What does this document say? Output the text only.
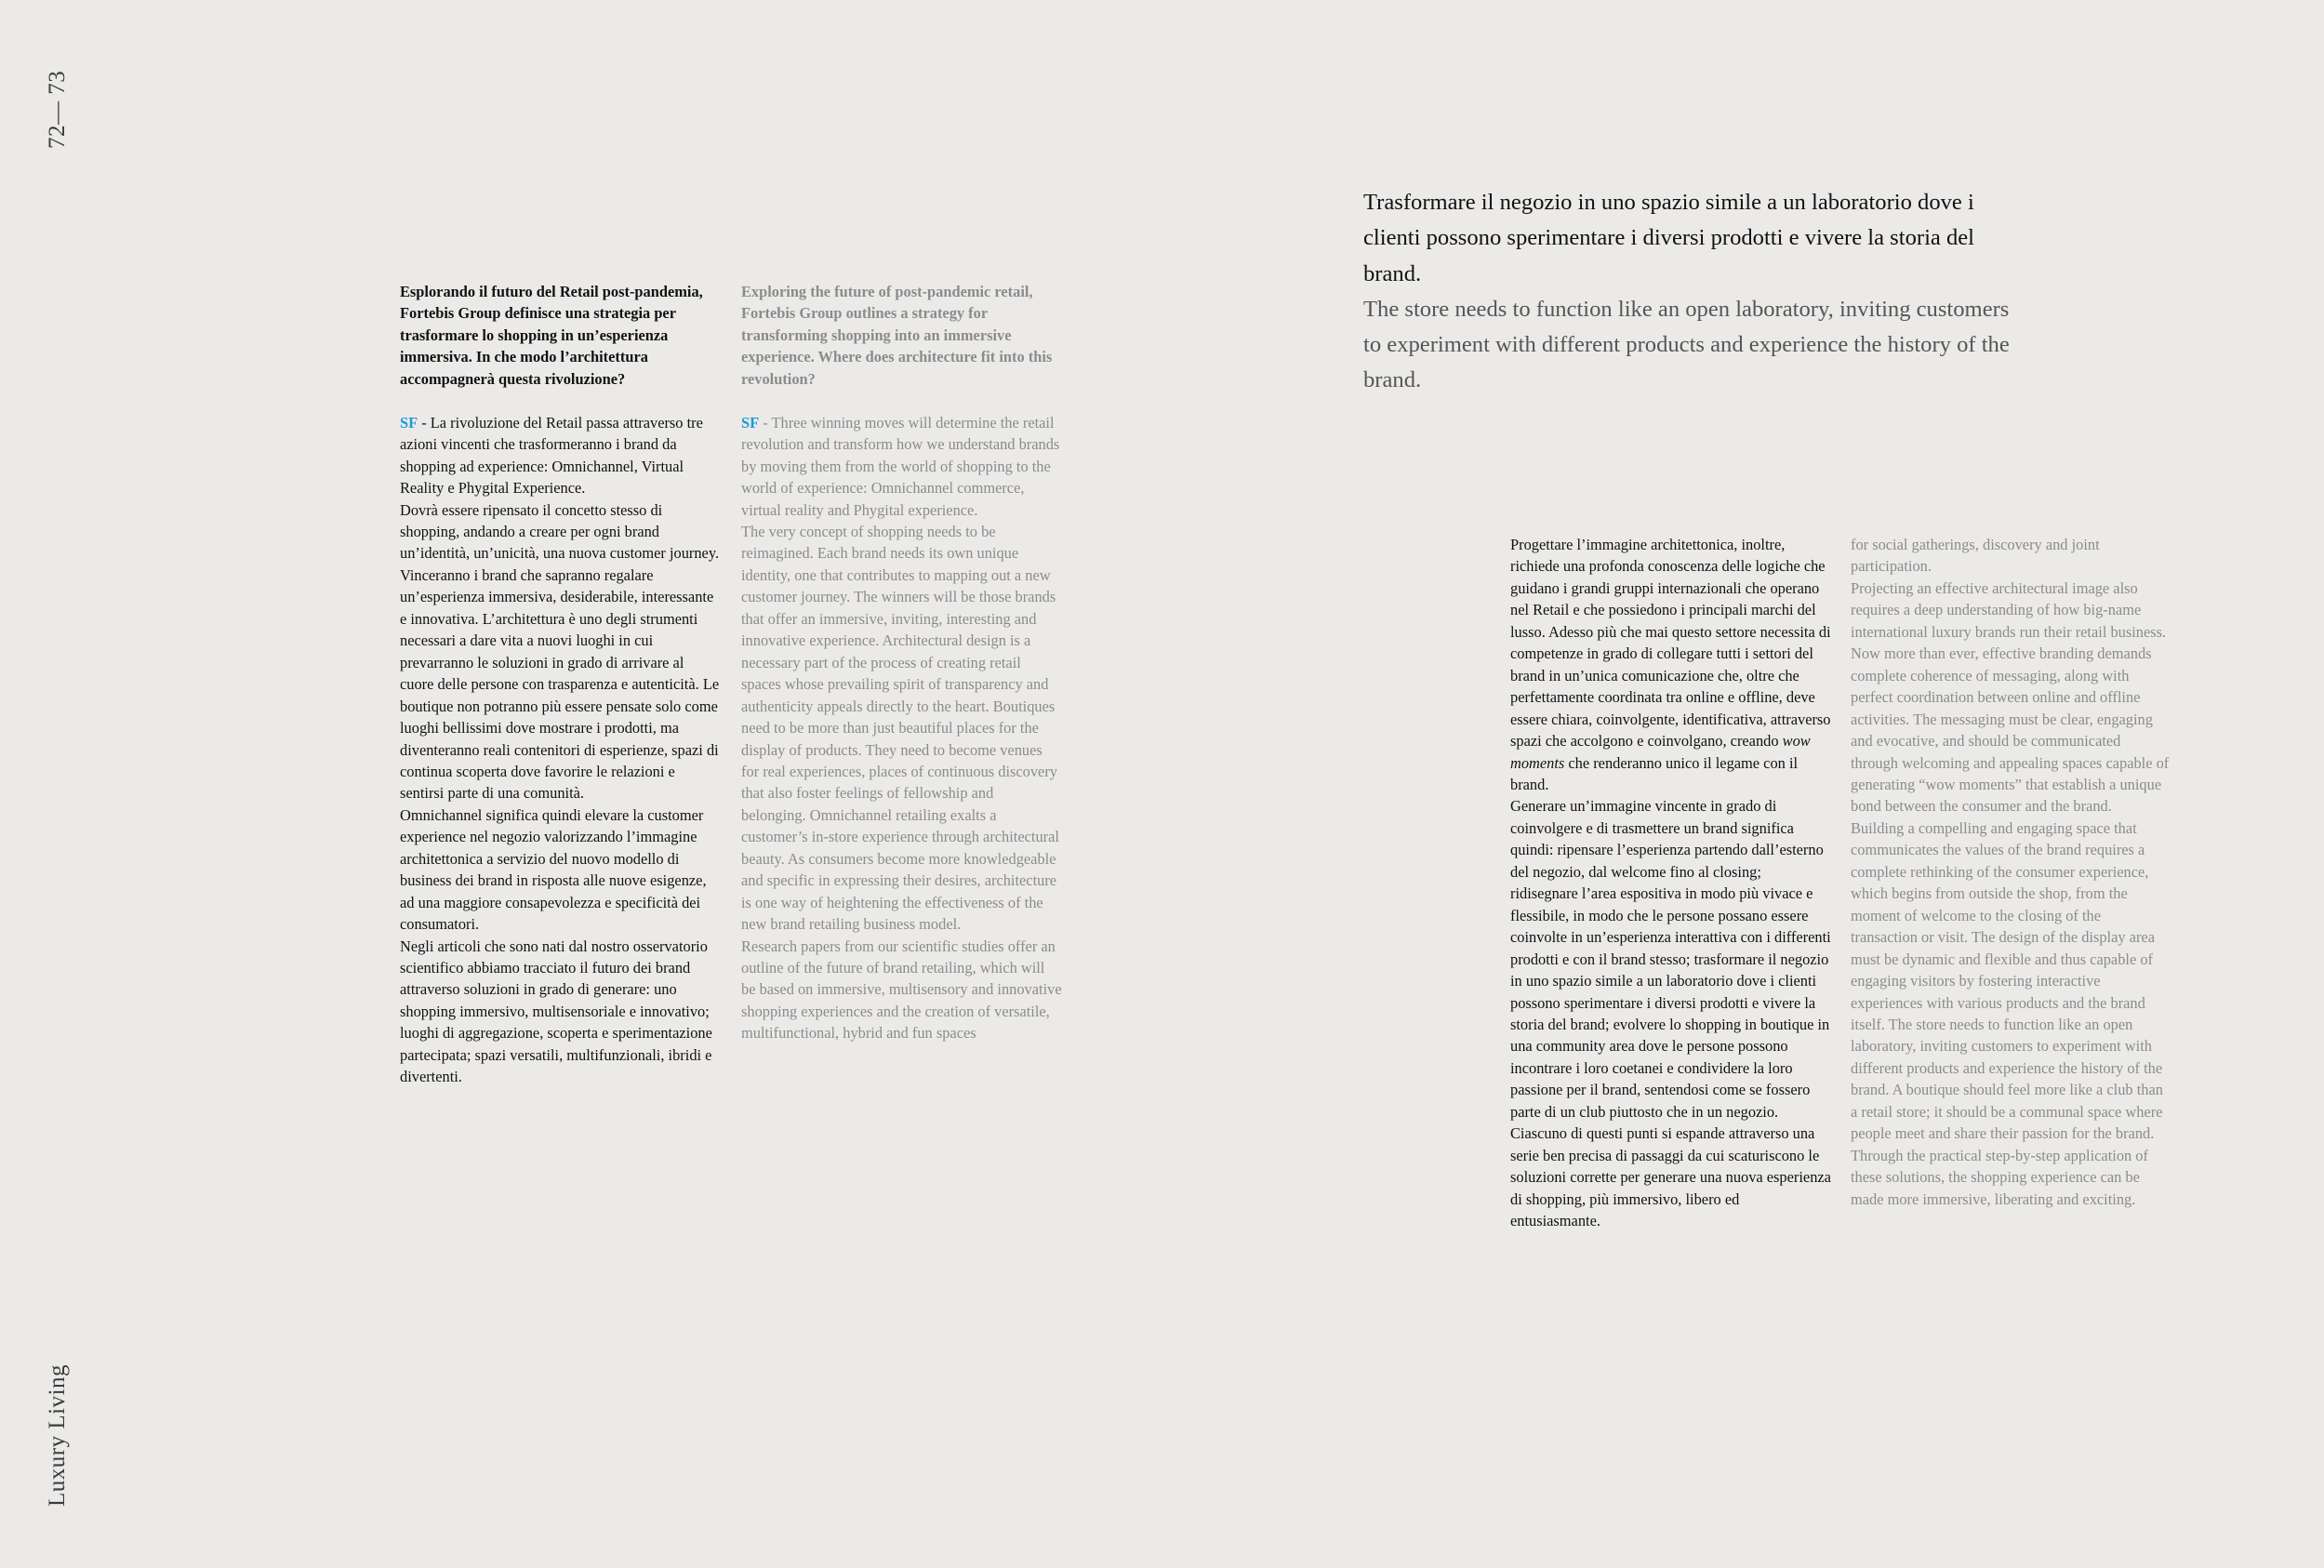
72— 73
Luxury Living

Trasformare il negozio in uno spazio simile a un laboratorio dove i clienti possono sperimentare i diversi prodotti e vivere la storia del brand.

The store needs to function like an open laboratory, inviting customers to experiment with different products and experience the history of the brand.

Esplorando il futuro del Retail post-pandemia, Fortebis Group definisce una strategia per trasformare lo shopping in un’esperienza immersiva. In che modo l’architettura accompagnerà questa rivoluzione?

SF - La rivoluzione del Retail passa attraverso tre azioni vincenti che trasformeranno i brand da shopping ad experience: Omnichannel, Virtual Reality e Phygital Experience.

Dovrà essere ripensato il concetto stesso di shopping, andando a creare per ogni brand un’identità, un’unicità, una nuova customer journey. Vinceranno i brand che sapranno regalare un’esperienza immersiva, desiderabile, interessante e innovativa. L’architettura è uno degli strumenti necessari a dare vita a nuovi luoghi in cui prevarranno le soluzioni in grado di arrivare al cuore delle persone con trasparenza e autenticità. Le boutique non potranno più essere pensate solo come luoghi bellissimi dove mostrare i prodotti, ma diventeranno reali contenitori di esperienze, spazi di continua scoperta dove favorire le relazioni e sentirsi parte di una comunità.

Omnichannel significa quindi elevare la customer experience nel negozio valorizzando l’immagine architettonica a servizio del nuovo modello di business dei brand in risposta alle nuove esigenze, ad una maggiore consapevolezza e specificità dei consumatori.

Negli articoli che sono nati dal nostro osservatorio scientifico abbiamo tracciato il futuro dei brand attraverso soluzioni in grado di generare: uno shopping immersivo, multisensoriale e innovativo; luoghi di aggregazione, scoperta e sperimentazione partecipata; spazi versatili, multifunzionali, ibridi e divertenti.

Exploring the future of post-pandemic retail, Fortebis Group outlines a strategy for transforming shopping into an immersive experience. Where does architecture fit into this revolution?

SF - Three winning moves will determine the retail revolution and transform how we understand brands by moving them from the world of shopping to the world of experience: Omnichannel commerce, virtual reality and Phygital experience.

The very concept of shopping needs to be reimagined. Each brand needs its own unique identity, one that contributes to mapping out a new customer journey. The winners will be those brands that offer an immersive, inviting, interesting and innovative experience. Architectural design is a necessary part of the process of creating retail spaces whose prevailing spirit of transparency and authenticity appeals directly to the heart. Boutiques need to be more than just beautiful places for the display of products. They need to become venues for real experiences, places of continuous discovery that also foster feelings of fellowship and belonging. Omnichannel retailing exalts a customer’s in-store experience through architectural beauty. As consumers become more knowledgeable and specific in expressing their desires, architecture is one way of heightening the effectiveness of the new brand retailing business model.

Research papers from our scientific studies offer an outline of the future of brand retailing, which will be based on immersive, multisensory and innovative shopping experiences and the creation of versatile, multifunctional, hybrid and fun spaces

Progettare l’immagine architettonica, inoltre, richiede una profonda conoscenza delle logiche che guidano i grandi gruppi internazionali che operano nel Retail e che possiedono i principali marchi del lusso. Adesso più che mai questo settore necessita di competenze in grado di collegare tutti i settori del brand in un’unica comunicazione che, oltre che perfettamente coordinata tra online e offline, deve essere chiara, coinvolgente, identificativa, attraverso spazi che accolgono e coinvolgano, creando wow moments che renderanno unico il legame con il brand.

Generare un’immagine vincente in grado di coinvolgere e di trasmettere un brand significa quindi: ripensare l’esperienza partendo dall’esterno del negozio, dal welcome fino al closing; ridisegnare l’area espositiva in modo più vivace e flessibile, in modo che le persone possano essere coinvolte in un’esperienza interattiva con i differenti prodotti e con il brand stesso; trasformare il negozio in uno spazio simile a un laboratorio dove i clienti possono sperimentare i diversi prodotti e vivere la storia del brand; evolvere lo shopping in boutique in una community area dove le persone possono incontrare i loro coetanei e condividere la loro passione per il brand, sentendosi come se fossero parte di un club piuttosto che in un negozio.

Ciascuno di questi punti si espande attraverso una serie ben precisa di passaggi da cui scaturiscono le soluzioni corrette per generare una nuova esperienza di shopping, più immersivo, libero ed entusiasmante.

for social gatherings, discovery and joint participation.

Projecting an effective architectural image also requires a deep understanding of how big-name international luxury brands run their retail business. Now more than ever, effective branding demands complete coherence of messaging, along with perfect coordination between online and offline activities. The messaging must be clear, engaging and evocative, and should be communicated through welcoming and appealing spaces capable of generating “wow moments” that establish a unique bond between the consumer and the brand.

Building a compelling and engaging space that communicates the values of the brand requires a complete rethinking of the consumer experience, which begins from outside the shop, from the moment of welcome to the closing of the transaction or visit. The design of the display area must be dynamic and flexible and thus capable of engaging visitors by fostering interactive experiences with various products and the brand itself. The store needs to function like an open laboratory, inviting customers to experiment with different products and experience the history of the brand. A boutique should feel more like a club than a retail store; it should be a communal space where people meet and share their passion for the brand.

Through the practical step-by-step application of these solutions, the shopping experience can be made more immersive, liberating and exciting.
